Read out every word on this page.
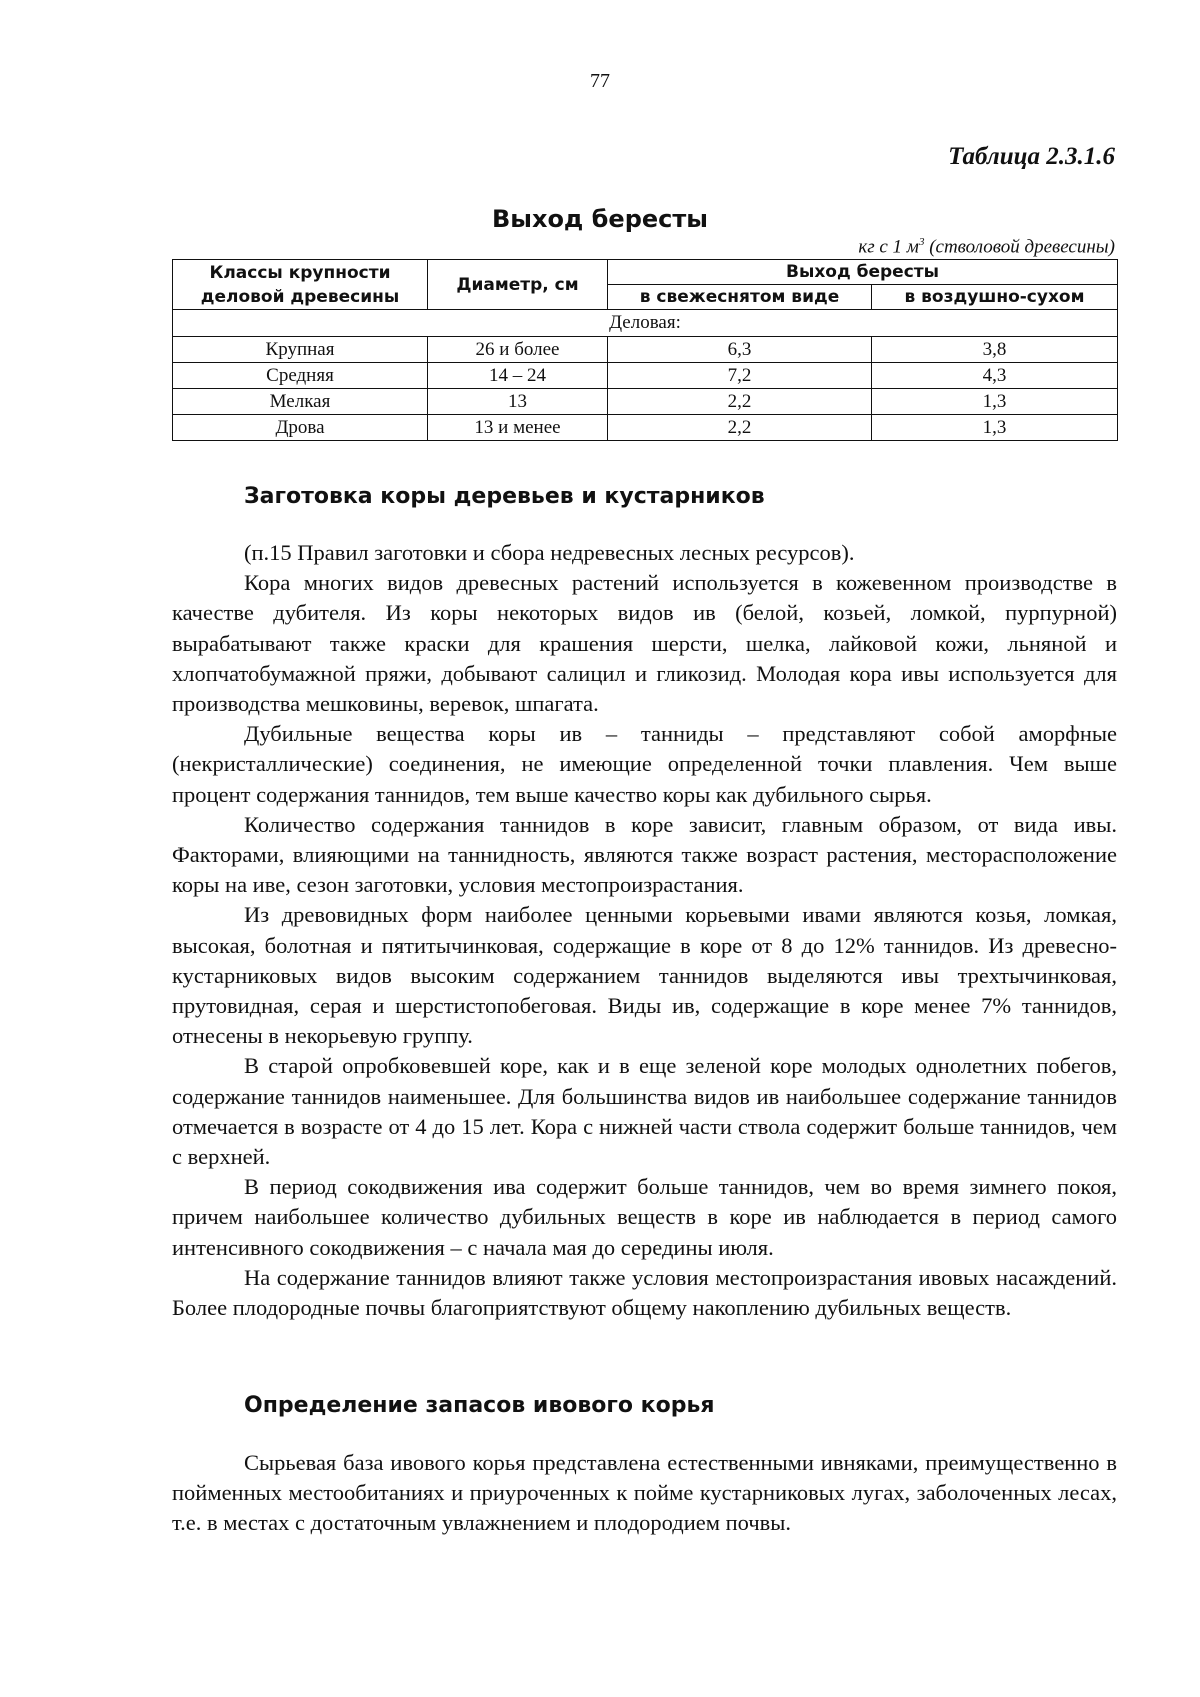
77
Таблица 2.3.1.6
Выход бересты
кг с 1 $м^3$ (стволовой древесины)
Классы крупности деловой древесины	Диаметр, см	Выход бересты	
		в свежеснятом виде	в воздушно-сухом
Деловая:			
Крупная	26 и более	6,3	3,8
Средняя	14 – 24	7,2	4,3
Мелкая	13	2,2	1,3
Дрова	13 и менее	2,2	1,3
Заготовка коры деревьев и кустарников

(п.15 Правил заготовки и сбора недревесных лесных ресурсов).

Кора многих видов древесных растений используется в кожевенном производстве в качестве дубителя. Из коры некоторых видов ив (белой, козьей, ломкой, пурпурной) вырабатывают также краски для крашения шерсти, шелка, лайковой кожи, льняной и хлопчатобумажной пряжи, добывают салицил и гликозид. Молодая кора ивы используется для производства мешковины, веревок, шпагата.

Дубильные вещества коры ив – танниды – представляют собой аморфные (некристаллические) соединения, не имеющие определенной точки плавления. Чем выше процент содержания таннидов, тем выше качество коры как дубильного сырья.

Количество содержания таннидов в коре зависит, главным образом, от вида ивы. Факторами, влияющими на таннидность, являются также возраст растения, месторасположение коры на иве, сезон заготовки, условия местопроизрастания.

Из древовидных форм наиболее ценными корьевыми ивами являются козья, ломкая, высокая, болотная и пятитычинковая, содержащие в коре от 8 до 12% таннидов. Из древесно-кустарниковых видов высоким содержанием таннидов выделяются ивы трехтычинковая, прутовидная, серая и шерстистопобеговая. Виды ив, содержащие в коре менее 7% таннидов, отнесены в некорьевую группу.

В старой опробковевшей коре, как и в еще зеленой коре молодых однолетних побегов, содержание таннидов наименьшее. Для большинства видов ив наибольшее содержание таннидов отмечается в возрасте от 4 до 15 лет. Кора с нижней части ствола содержит больше таннидов, чем с верхней.

В период сокодвижения ива содержит больше таннидов, чем во время зимнего покоя, причем наибольшее количество дубильных веществ в коре ив наблюдается в период самого интенсивного сокодвижения – с начала мая до середины июля.

На содержание таннидов влияют также условия местопроизрастания ивовых насаждений. Более плодородные почвы благоприятствуют общему накоплению дубильных веществ.

Определение запасов ивового корья

Сырьевая база ивового корья представлена естественными ивняками, преимущественно в пойменных местообитаниях и приуроченных к пойме кустарниковых лугах, заболоченных лесах, т.е. в местах с достаточным увлажнением и плодородием почвы.
